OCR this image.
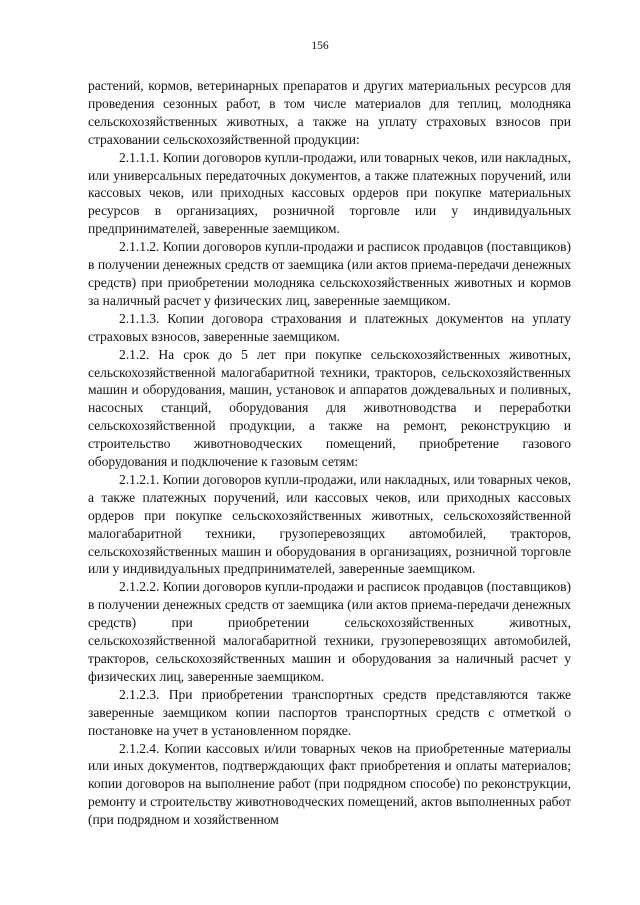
156

растений, кормов, ветеринарных препаратов и других материальных ресурсов для проведения сезонных работ, в том числе материалов для теплиц, молодняка сельскохозяйственных животных, а также на уплату страховых взносов при страховании сельскохозяйственной продукции:

2.1.1.1. Копии договоров купли-продажи, или товарных чеков, или накладных, или универсальных передаточных документов, а также платежных поручений, или кассовых чеков, или приходных кассовых ордеров при покупке материальных ресурсов в организациях, розничной торговле или у индивидуальных предпринимателей, заверенные заемщиком.

2.1.1.2. Копии договоров купли-продажи и расписок продавцов (поставщиков) в получении денежных средств от заемщика (или актов приема-передачи денежных средств) при приобретении молодняка сельскохозяйственных животных и кормов за наличный расчет у физических лиц, заверенные заемщиком.

2.1.1.3. Копии договора страхования и платежных документов на уплату страховых взносов, заверенные заемщиком.

2.1.2. На срок до 5 лет при покупке сельскохозяйственных животных, сельскохозяйственной малогабаритной техники, тракторов, сельскохозяйственных машин и оборудования, машин, установок и аппаратов дождевальных и поливных, насосных станций, оборудования для животноводства и переработки сельскохозяйственной продукции, а также на ремонт, реконструкцию и строительство животноводческих помещений, приобретение газового оборудования и подключение к газовым сетям:

2.1.2.1. Копии договоров купли-продажи, или накладных, или товарных чеков, а также платежных поручений, или кассовых чеков, или приходных кассовых ордеров при покупке сельскохозяйственных животных, сельскохозяйственной малогабаритной техники, грузоперевозящих автомобилей, тракторов, сельскохозяйственных машин и оборудования в организациях, розничной торговле или у индивидуальных предпринимателей, заверенные заемщиком.

2.1.2.2. Копии договоров купли-продажи и расписок продавцов (поставщиков) в получении денежных средств от заемщика (или актов приема-передачи денежных средств) при приобретении сельскохозяйственных животных, сельскохозяйственной малогабаритной техники, грузоперевозящих автомобилей, тракторов, сельскохозяйственных машин и оборудования за наличный расчет у физических лиц, заверенные заемщиком.

2.1.2.3. При приобретении транспортных средств представляются также заверенные заемщиком копии паспортов транспортных средств с отметкой о постановке на учет в установленном порядке.

2.1.2.4. Копии кассовых и/или товарных чеков на приобретенные материалы или иных документов, подтверждающих факт приобретения и оплаты материалов; копии договоров на выполнение работ (при подрядном способе) по реконструкции, ремонту и строительству животноводческих помещений, актов выполненных работ (при подрядном и хозяйственном
